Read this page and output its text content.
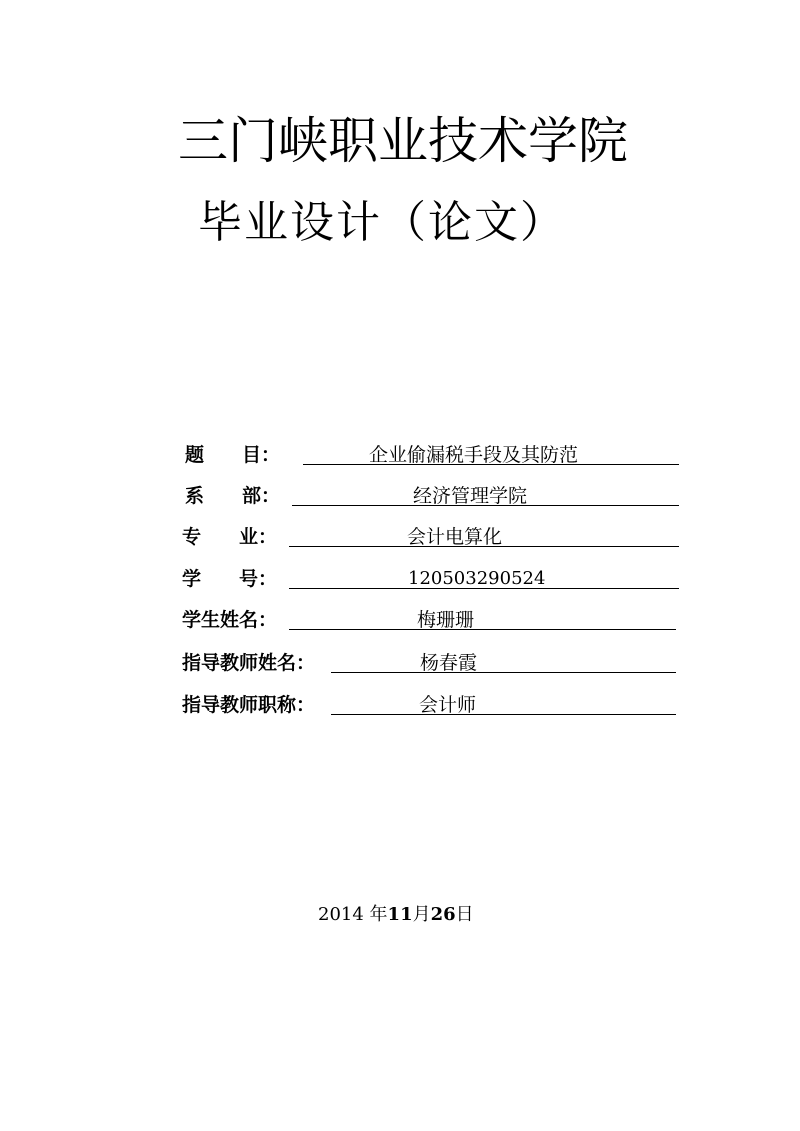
三门峡职业技术学院
毕业设计（论文）
题　　目：	企业偷漏税手段及其防范
系　　部：	经济管理学院
专　　业：	会计电算化
学　　号：	120503290524
学生姓名：	梅珊珊
指导教师姓名：	杨春霞
指导教师职称：	会计师
2014 年11月26日
